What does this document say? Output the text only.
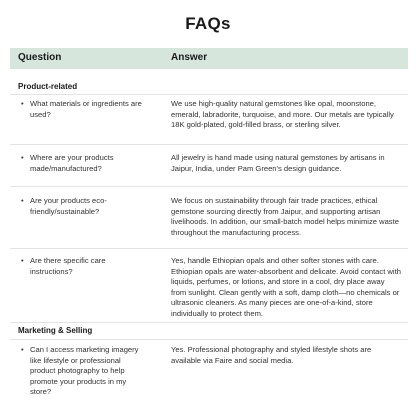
FAQs
Question	Answer
Product-related
• What materials or ingredients are used?
We use high-quality natural gemstones like opal, moonstone, emerald, labradorite, turquoise, and more. Our metals are typically 18K gold-plated, gold-filled brass, or sterling silver.
• Where are your products made/manufactured?
All jewelry is hand made using natural gemstones by artisans in Jaipur, India, under Pam Green's design guidance.
• Are your products eco-friendly/sustainable?
We focus on sustainability through fair trade practices, ethical gemstone sourcing directly from Jaipur, and supporting artisan livelihoods. In addition, our small-batch model helps minimize waste throughout the manufacturing process.
• Are there specific care instructions?
Yes, handle Ethiopian opals and other softer stones with care. Ethiopian opals are water-absorbent and delicate. Avoid contact with liquids, perfumes, or lotions, and store in a cool, dry place away from sunlight. Clean gently with a soft, damp cloth—no chemicals or ultrasonic cleaners. As many pieces are one-of-a-kind, store individually to protect them.
Marketing & Selling
• Can I access marketing imagery like lifestyle or professional product photography to help promote your products in my store?
Yes. Professional photography and styled lifestyle shots are available via Faire and social media.
